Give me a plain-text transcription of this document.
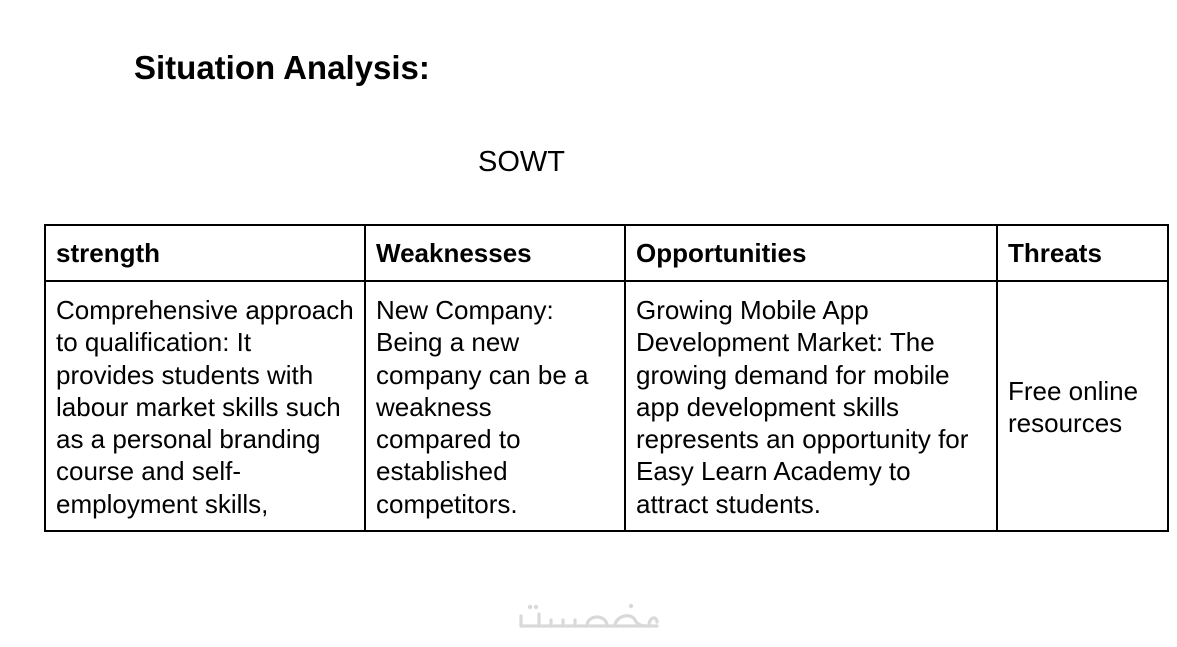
Situation Analysis:
SOWT
strength	Weaknesses	Opportunities	Threats
Comprehensive approach to qualification: It provides students with labour market skills such as a personal branding course and self-employment skills,	New Company: Being a new company can be a weakness compared to established competitors.	Growing Mobile App Development Market: The growing demand for mobile app development skills represents an opportunity for Easy Learn Academy to attract students.	Free online resources
